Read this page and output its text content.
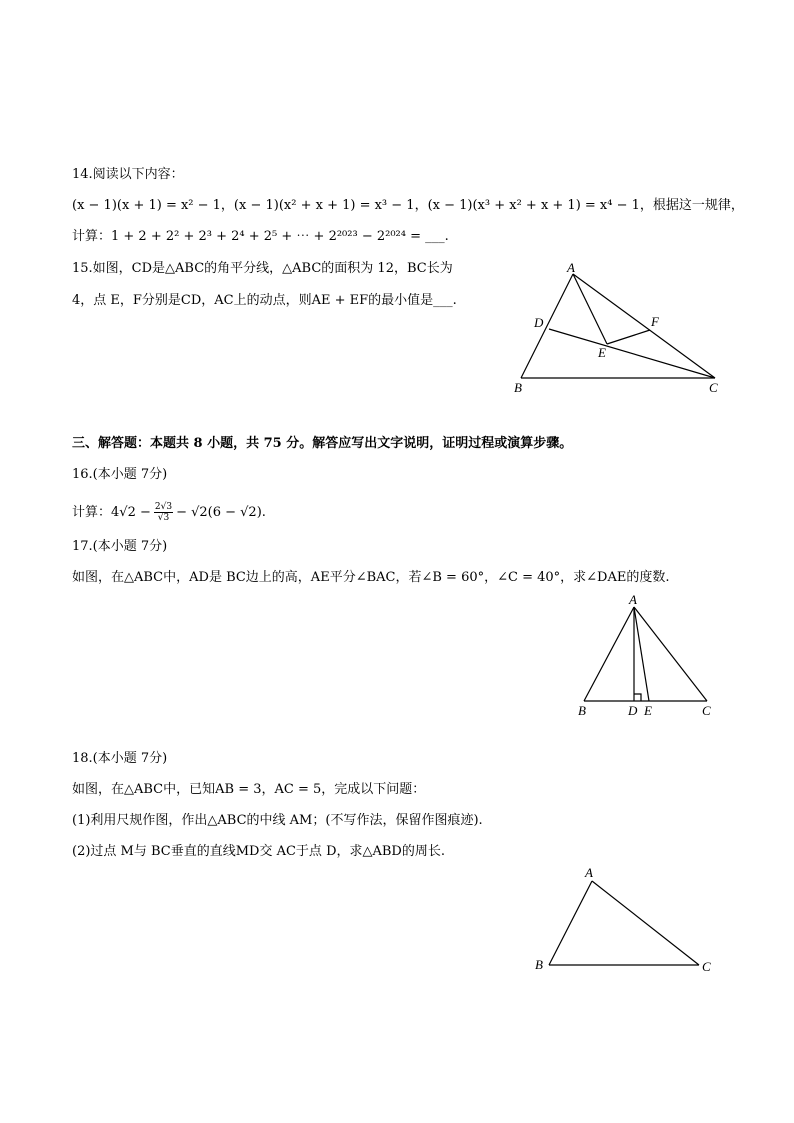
14.阅读以下内容：
(x − 1)(x + 1) = x² − 1，(x − 1)(x² + x + 1) = x³ − 1，(x − 1)(x³ + x² + x + 1) = x⁴ − 1，根据这一规律，
计算：1 + 2 + 2² + 2³ + 2⁴ + 2⁵ + ⋯ + 2²⁰²³ − 2²⁰²⁴ = ___.
15.如图，CD是△ABC的角平分线，△ABC的面积为 12，BC长为
4，点 E，F分别是CD，AC上的动点，则AE + EF的最小值是___.
A
B	C
D
E
F
三、解答题：本题共 8 小题，共 75 分。解答应写出文字说明，证明过程或演算步骤。
16.(本小题 7分)
计算： $4√2 - \frac{2√3}{√3} - √2(6 - √2)$.
17.(本小题 7分)
如图，在△ABC中，AD是 BC边上的高，AE平分∠BAC，若∠B = 60°，∠C = 40°，求∠DAE的度数.
A
B	D E	C
18.(本小题 7分)
如图，在△ABC中，已知AB = 3，AC = 5，完成以下问题：
(1)利用尺规作图，作出△ABC的中线 AM；(不写作法，保留作图痕迹).
(2)过点 M与 BC垂直的直线MD交 AC于点 D，求△ABD的周长.
A
B	C
